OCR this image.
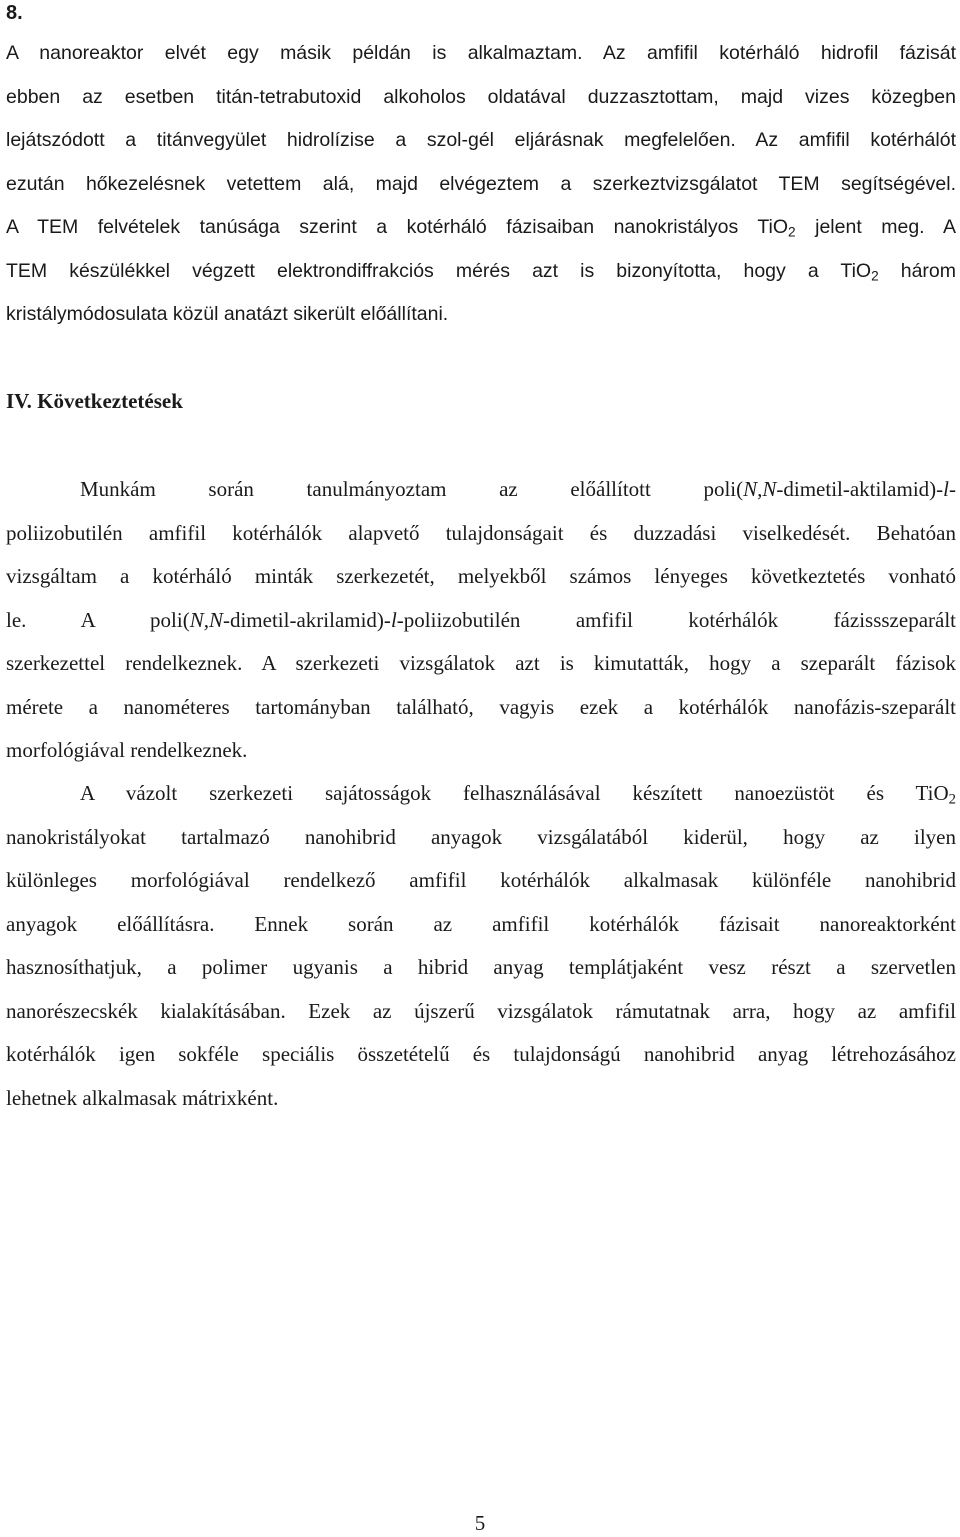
8.
A nanoreaktor elvét egy másik példán is alkalmaztam. Az amfifil kotérháló hidrofil fázisát
ebben az esetben titán-tetrabutoxid alkoholos oldatával duzzasztottam, majd vizes közegben
lejátszódott a titánvegyület hidrolízise a szol-gél eljárásnak megfelelően. Az amfifil kotérhálót
ezután hőkezelésnek vetettem alá, majd elvégeztem a szerkeztvizsgálatot TEM segítségével.
A TEM felvételek tanúsága szerint a kotérháló fázisaiban nanokristályos TiO$_2$ jelent meg. A
TEM készülékkel végzett elektrondiffrakciós mérés azt is bizonyította, hogy a TiO$_2$ három
kristálymódosulata közül anatázt sikerült előállítani.
IV. Következtetések
Munkám során tanulmányoztam az előállított poli(N,N-dimetil-aktilamid)-l-
poliizobutilén amfifil kotérhálók alapvető tulajdonságait és duzzadási viselkedését. Behatóan
vizsgáltam a kotérháló minták szerkezetét, melyekből számos lényeges következtetés vonható
le. A poli(N,N-dimetil-akrilamid)-l-poliizobutilén amfifil kotérhálók fázissszeparált
szerkezettel rendelkeznek. A szerkezeti vizsgálatok azt is kimutatták, hogy a szeparált fázisok
mérete a nanométeres tartományban található, vagyis ezek a kotérhálók nanofázis-szeparált
morfológiával rendelkeznek.
A vázolt szerkezeti sajátosságok felhasználásával készített nanoezüstöt és TiO$_2$
nanokristályokat tartalmazó nanohibrid anyagok vizsgálatából kiderül, hogy az ilyen
különleges morfológiával rendelkező amfifil kotérhálók alkalmasak különféle nanohibrid
anyagok előállításra. Ennek során az amfifil kotérhálók fázisait nanoreaktorként
hasznosíthatjuk, a polimer ugyanis a hibrid anyag templátjaként vesz részt a szervetlen
nanorészecskék kialakításában. Ezek az újszerű vizsgálatok rámutatnak arra, hogy az amfifil
kotérhálók igen sokféle speciális összetételű és tulajdonságú nanohibrid anyag létrehozásához
lehetnek alkalmasak mátrixként.
5
